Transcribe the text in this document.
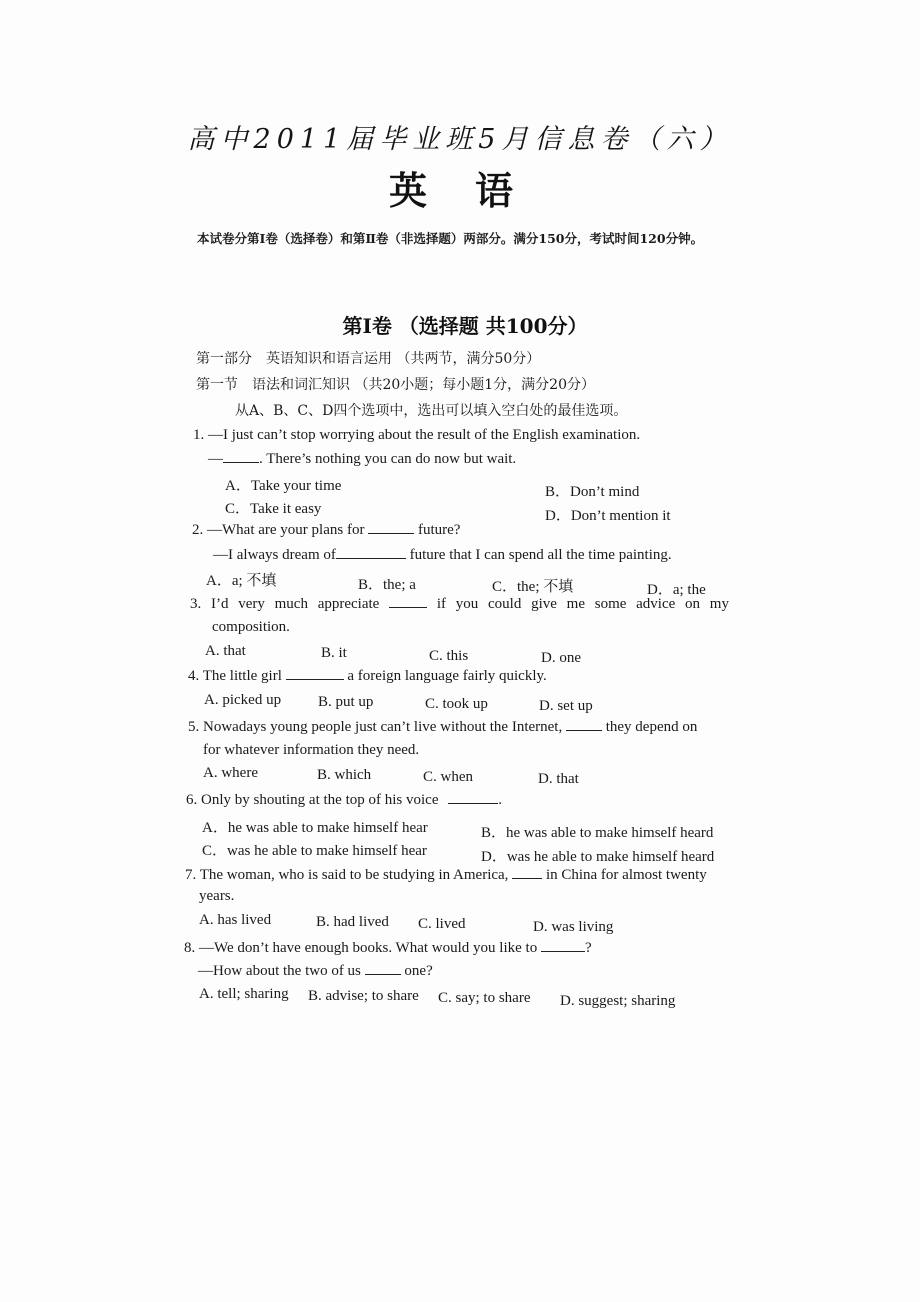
高中2011届毕业班5月信息卷（六）
英语
本试卷分第Ⅰ卷（选择卷）和第Ⅱ卷（非选择题）两部分。满分150分，考试时间120分钟。
第Ⅰ卷 （选择题 共100分）
第一部分　英语知识和语言运用 （共两节，满分50分）
第一节　语法和词汇知识 （共20小题；每小题1分，满分20分）
从A、B、C、D四个选项中，选出可以填入空白处的最佳选项。
1. —I just can’t stop worrying about the result of the English examination.
— . There’s nothing you can do now but wait.
A．Take your time	B．Don’t mind
C．Take it easy	D．Don’t mention it
2. —What are your plans for	future?
—I always dream of	future that I can spend all the time painting.
A．a; 不填	B．the; a	C．the; 不填	D．a; the
3. I’d very much appreciate	if you could give me some advice on my
composition.
A. that	B. it	C. this	D. one
4. The little girl	a foreign language fairly quickly.
A. picked up B. put up	C. took up	D. set up
5. Nowadays young people just can’t live without the Internet,	they depend on
for whatever information they need.
A. where	B. which	C. when	D. that
6. Only by shouting at the top of his voice	.
A．he was able to make himself hear	B．he was able to make himself heard
C．was he able to make himself hear	D．was he able to make himself heard
7. The woman, who is said to be studying in America,	in China for almost twenty
years.
A. has lived	B. had lived C. lived	D. was living
8. —We don’t have enough books. What would you like to	?
—How about the two of us	one?
A. tell; sharing B. advise; to share C. say; to share D. suggest; sharing
